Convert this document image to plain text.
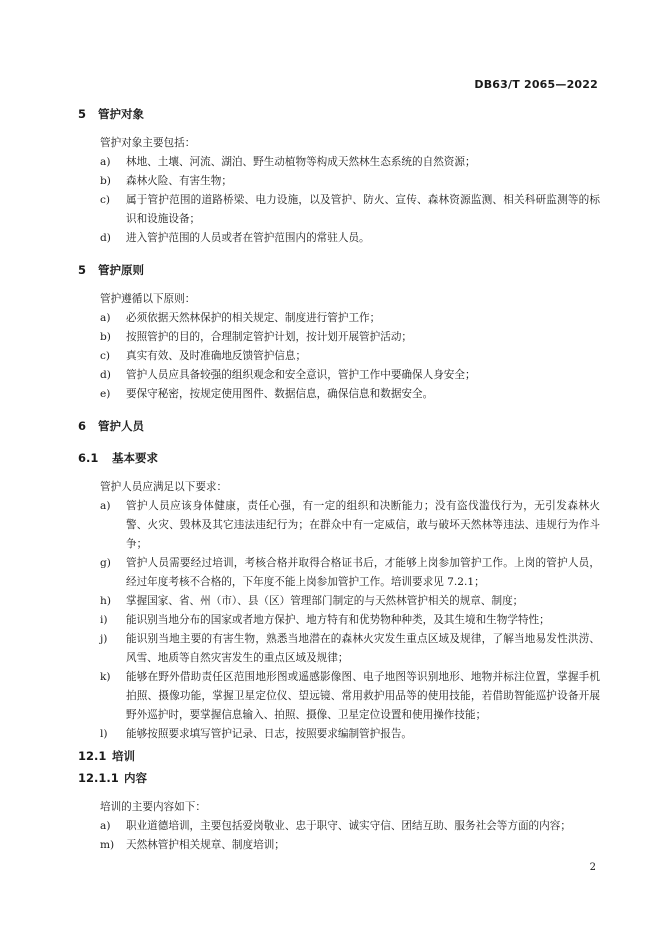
DB63/T 2065—2022
5 管护对象

管护对象主要包括：

a)	林地、土壤、河流、湖泊、野生动植物等构成天然林生态系统的自然资源；
b)	森林火险、有害生物；
c)	属于管护范围的道路桥梁、电力设施，以及管护、防火、宣传、森林资源监测、相关科研监测等的标识和设施设备；
d)	进入管护范围的人员或者在管护范围内的常驻人员。
5 管护原则

管护遵循以下原则：

a)	必须依据天然林保护的相关规定、制度进行管护工作；
b)	按照管护的目的，合理制定管护计划，按计划开展管护活动；
c)	真实有效、及时准确地反馈管护信息；
d)	管护人员应具备较强的组织观念和安全意识，管护工作中要确保人身安全；
e)	要保守秘密，按规定使用图件、数据信息，确保信息和数据安全。
6 管护人员
6.1 基本要求

管护人员应满足以下要求：

a)	管护人员应该身体健康，责任心强，有一定的组织和决断能力；没有盗伐滥伐行为，无引发森林火警、火灾、毁林及其它违法违纪行为；在群众中有一定威信，敢与破坏天然林等违法、违规行为作斗争；
g)	管护人员需要经过培训，考核合格并取得合格证书后，才能够上岗参加管护工作。上岗的管护人员，经过年度考核不合格的，下年度不能上岗参加管护工作。培训要求见 7.2.1；
h)	掌握国家、省、州（市）、县（区）管理部门制定的与天然林管护相关的规章、制度；
i)	能识别当地分布的国家或者地方保护、地方特有和优势物种种类，及其生境和生物学特性；
j)	能识别当地主要的有害生物，熟悉当地潜在的森林火灾发生重点区域及规律，了解当地易发性洪涝、风雪、地质等自然灾害发生的重点区域及规律；
k)	能够在野外借助责任区范围地形图或遥感影像图、电子地图等识别地形、地物并标注位置，掌握手机拍照、摄像功能，掌握卫星定位仪、望远镜、常用救护用品等的使用技能，若借助智能巡护设备开展野外巡护时，要掌握信息输入、拍照、摄像、卫星定位设置和使用操作技能；
l)	能够按照要求填写管护记录、日志，按照要求编制管护报告。
12.1 培训
12.1.1 内容

培训的主要内容如下：

a)	职业道德培训，主要包括爱岗敬业、忠于职守、诚实守信、团结互助、服务社会等方面的内容；
m)	天然林管护相关规章、制度培训；
2
